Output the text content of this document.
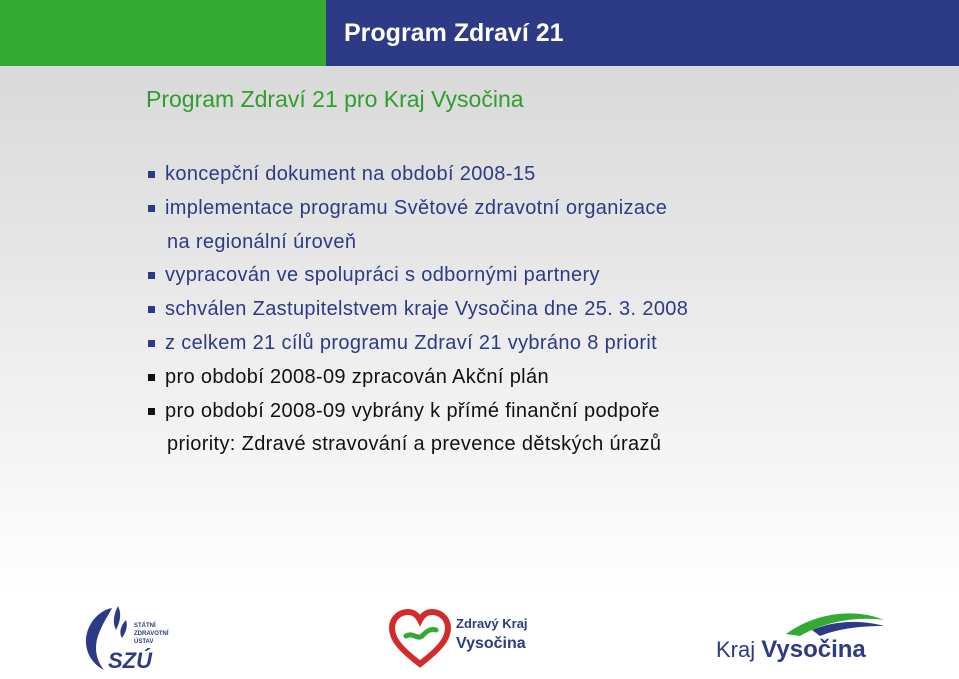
Program Zdraví 21
Program Zdraví 21 pro Kraj Vysočina
koncepční dokument na období 2008-15
implementace programu Světové zdravotní organizace
na regionální úroveň
vypracován ve spolupráci s odbornými partnery
schválen Zastupitelstvem kraje Vysočina dne 25. 3. 2008
z celkem 21 cílů programu Zdraví 21 vybráno 8 priorit
pro období 2008-09 zpracován Akční plán
pro období 2008-09 vybrány k přímé finanční podpoře
priority: Zdravé stravování a prevence dětských úrazů
SZÚ
STÁTNÍ
ZDRAVOTNÍ
ÚSTAV
Zdravý Kraj
Vysočina	Kraj Vysočina
